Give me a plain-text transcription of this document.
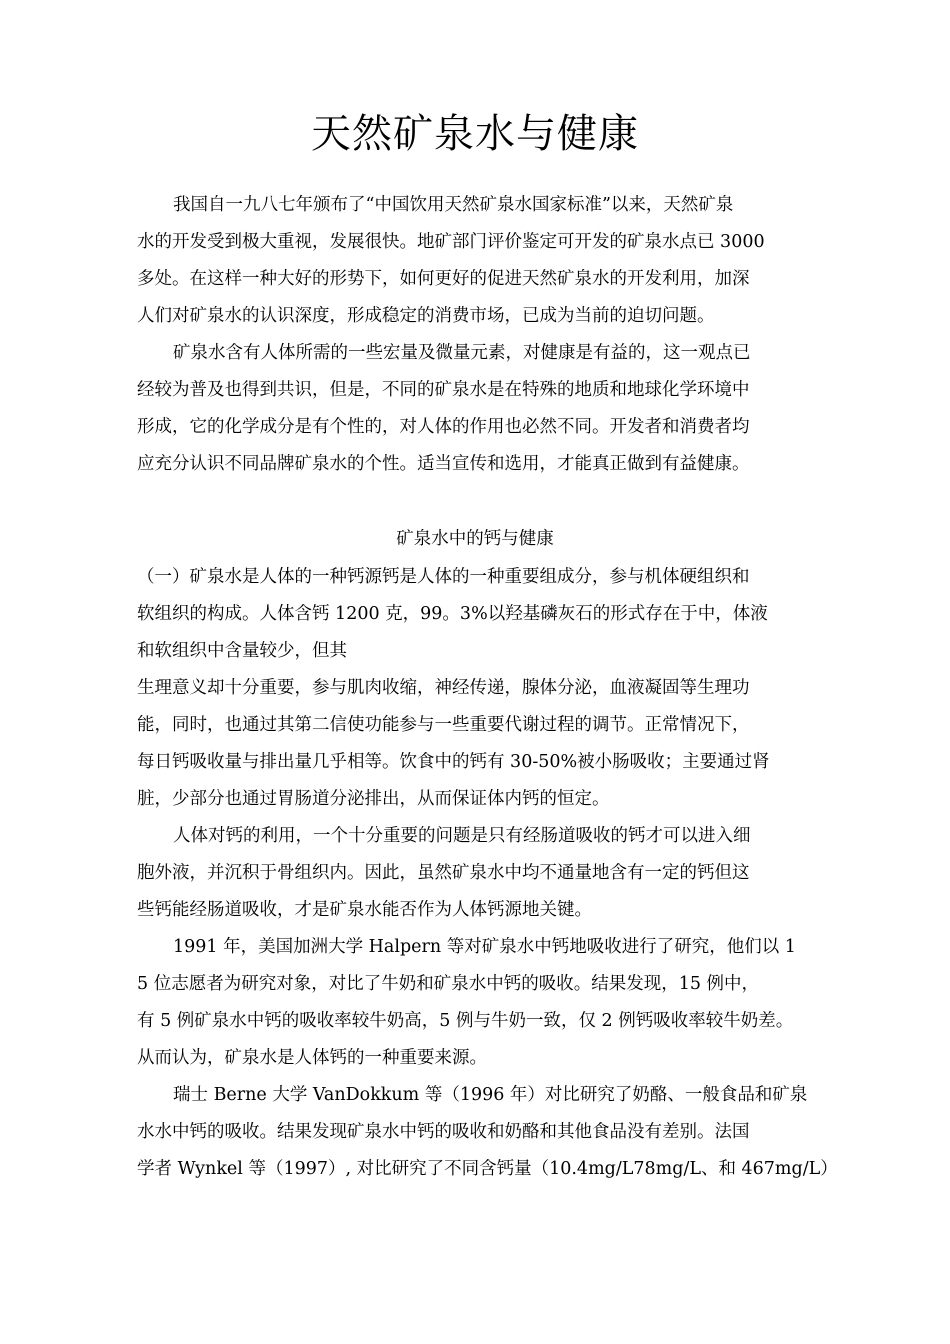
天然矿泉水与健康
我国自一九八七年颁布了“中国饮用天然矿泉水国家标准”以来，天然矿泉
水的开发受到极大重视，发展很快。地矿部门评价鉴定可开发的矿泉水点已 3000
多处。在这样一种大好的形势下，如何更好的促进天然矿泉水的开发利用，加深
人们对矿泉水的认识深度，形成稳定的消费市场，已成为当前的迫切问题。
矿泉水含有人体所需的一些宏量及微量元素，对健康是有益的，这一观点已
经较为普及也得到共识，但是，不同的矿泉水是在特殊的地质和地球化学环境中
形成，它的化学成分是有个性的，对人体的作用也必然不同。开发者和消费者均
应充分认识不同品牌矿泉水的个性。适当宣传和选用，才能真正做到有益健康。
矿泉水中的钙与健康
（一）矿泉水是人体的一种钙源钙是人体的一种重要组成分，参与机体硬组织和
软组织的构成。人体含钙 1200 克，99。3%以羟基磷灰石的形式存在于中，体液
和软组织中含量较少，但其
生理意义却十分重要，参与肌肉收缩，神经传递，腺体分泌，血液凝固等生理功
能，同时，也通过其第二信使功能参与一些重要代谢过程的调节。正常情况下，
每日钙吸收量与排出量几乎相等。饮食中的钙有 30-50%被小肠吸收；主要通过肾
脏，少部分也通过胃肠道分泌排出，从而保证体内钙的恒定。
人体对钙的利用，一个十分重要的问题是只有经肠道吸收的钙才可以进入细
胞外液，并沉积于骨组织内。因此，虽然矿泉水中均不通量地含有一定的钙但这
些钙能经肠道吸收，才是矿泉水能否作为人体钙源地关键。
1991 年，美国加洲大学 Halpern 等对矿泉水中钙地吸收进行了研究，他们以 1
5 位志愿者为研究对象，对比了牛奶和矿泉水中钙的吸收。结果发现，15 例中，
有 5 例矿泉水中钙的吸收率较牛奶高，5 例与牛奶一致，仅 2 例钙吸收率较牛奶差。
从而认为，矿泉水是人体钙的一种重要来源。
瑞士 Berne 大学 VanDokkum 等（1996 年）对比研究了奶酪、一般食品和矿泉
水水中钙的吸收。结果发现矿泉水中钙的吸收和奶酪和其他食品没有差别。法国
学者 Wynkel 等（1997）, 对比研究了不同含钙量（10.4mg/L78mg/L、和 467mg/L）
